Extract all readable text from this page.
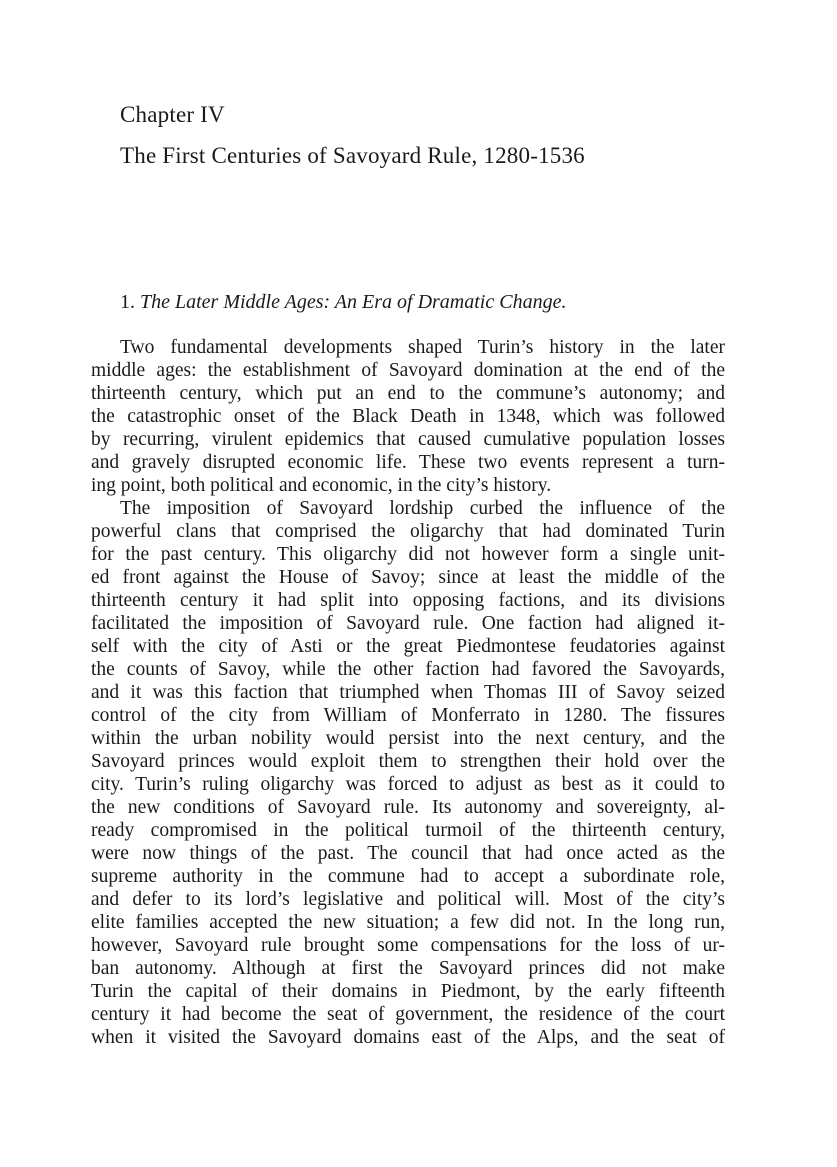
Chapter IV
The First Centuries of Savoyard Rule, 1280-1536
1. The Later Middle Ages: An Era of Dramatic Change.
Two fundamental developments shaped Turin’s history in the later
middle ages: the establishment of Savoyard domination at the end of the
thirteenth century, which put an end to the commune’s autonomy; and
the catastrophic onset of the Black Death in 1348, which was followed
by recurring, virulent epidemics that caused cumulative population losses
and gravely disrupted economic life. These two events represent a turn-
ing point, both political and economic, in the city’s history.
The imposition of Savoyard lordship curbed the influence of the
powerful clans that comprised the oligarchy that had dominated Turin
for the past century. This oligarchy did not however form a single unit-
ed front against the House of Savoy; since at least the middle of the
thirteenth century it had split into opposing factions, and its divisions
facilitated the imposition of Savoyard rule. One faction had aligned it-
self with the city of Asti or the great Piedmontese feudatories against
the counts of Savoy, while the other faction had favored the Savoyards,
and it was this faction that triumphed when Thomas III of Savoy seized
control of the city from William of Monferrato in 1280. The fissures
within the urban nobility would persist into the next century, and the
Savoyard princes would exploit them to strengthen their hold over the
city. Turin’s ruling oligarchy was forced to adjust as best as it could to
the new conditions of Savoyard rule. Its autonomy and sovereignty, al-
ready compromised in the political turmoil of the thirteenth century,
were now things of the past. The council that had once acted as the
supreme authority in the commune had to accept a subordinate role,
and defer to its lord’s legislative and political will. Most of the city’s
elite families accepted the new situation; a few did not. In the long run,
however, Savoyard rule brought some compensations for the loss of ur-
ban autonomy. Although at first the Savoyard princes did not make
Turin the capital of their domains in Piedmont, by the early fifteenth
century it had become the seat of government, the residence of the court
when it visited the Savoyard domains east of the Alps, and the seat of
